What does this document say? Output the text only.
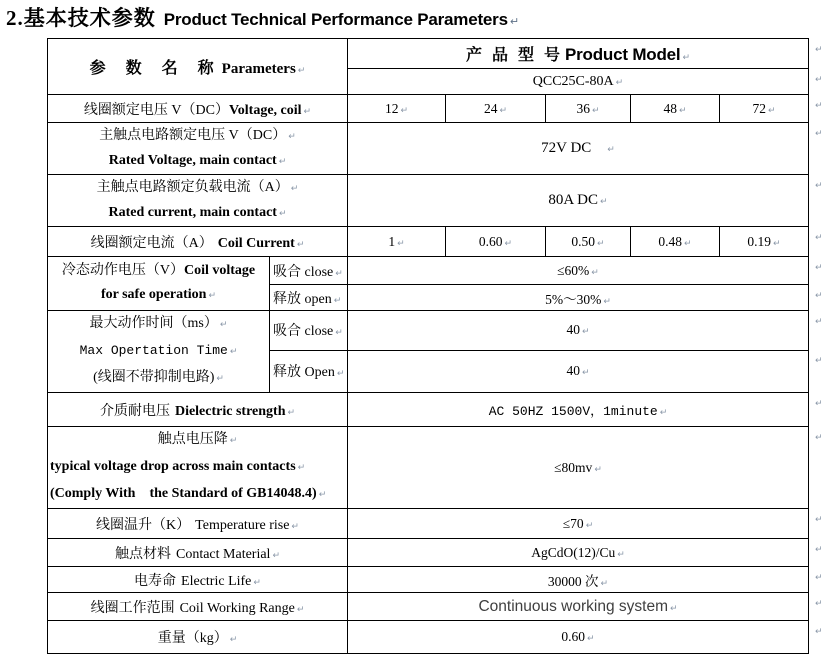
2.基本技术参数 Product Technical Performance Parameters ↵
参　数　名　称 Parameters ↵		产 品 型 号 Product Model ↵					↵
		QCC25C-80A ↵					↵
线圈额定电压 V（DC）Voltage, coil ↵		12 ↵	24 ↵	36 ↵	48 ↵	72 ↵	↵

主触点电路额定电压 V（DC） ↵
Rated Voltage, main contact ↵		72V DC ↵					↵

主触点电路额定负载电流（A） ↵
Rated current, main contact ↵		80A DC ↵					↵
线圈额定电流（A） Coil Current ↵		1 ↵	0.60 ↵	0.50 ↵	0.48 ↵	0.19 ↵	↵

冷态动作电压（V）Coil voltage
for safe operation ↵	吸合 close ↵	≤60% ↵					↵
	释放 open ↵	5%～30% ↵					↵

最大动作时间（ms） ↵
Max Opertation Time ↵
(线圈不带抑制电路) ↵	吸合 close ↵	40 ↵					↵
	释放 Open ↵	40 ↵					↵
介质耐电压 Dielectric strength ↵		AC 50HZ 1500V，1minute ↵					↵

触点电压降 ↵
typical voltage drop across main contacts ↵
(Comply With　the Standard of GB14048.4) ↵		≤80mv ↵					↵
线圈温升（K） Temperature rise ↵		≤70 ↵					↵
触点材料 Contact Material ↵		AgCdO(12)/Cu ↵					↵
电寿命 Electric Life ↵		30000 次 ↵					↵
线圈工作范围 Coil Working Range ↵		Continuous working system ↵					↵
重量（kg） ↵		0.60 ↵					↵
